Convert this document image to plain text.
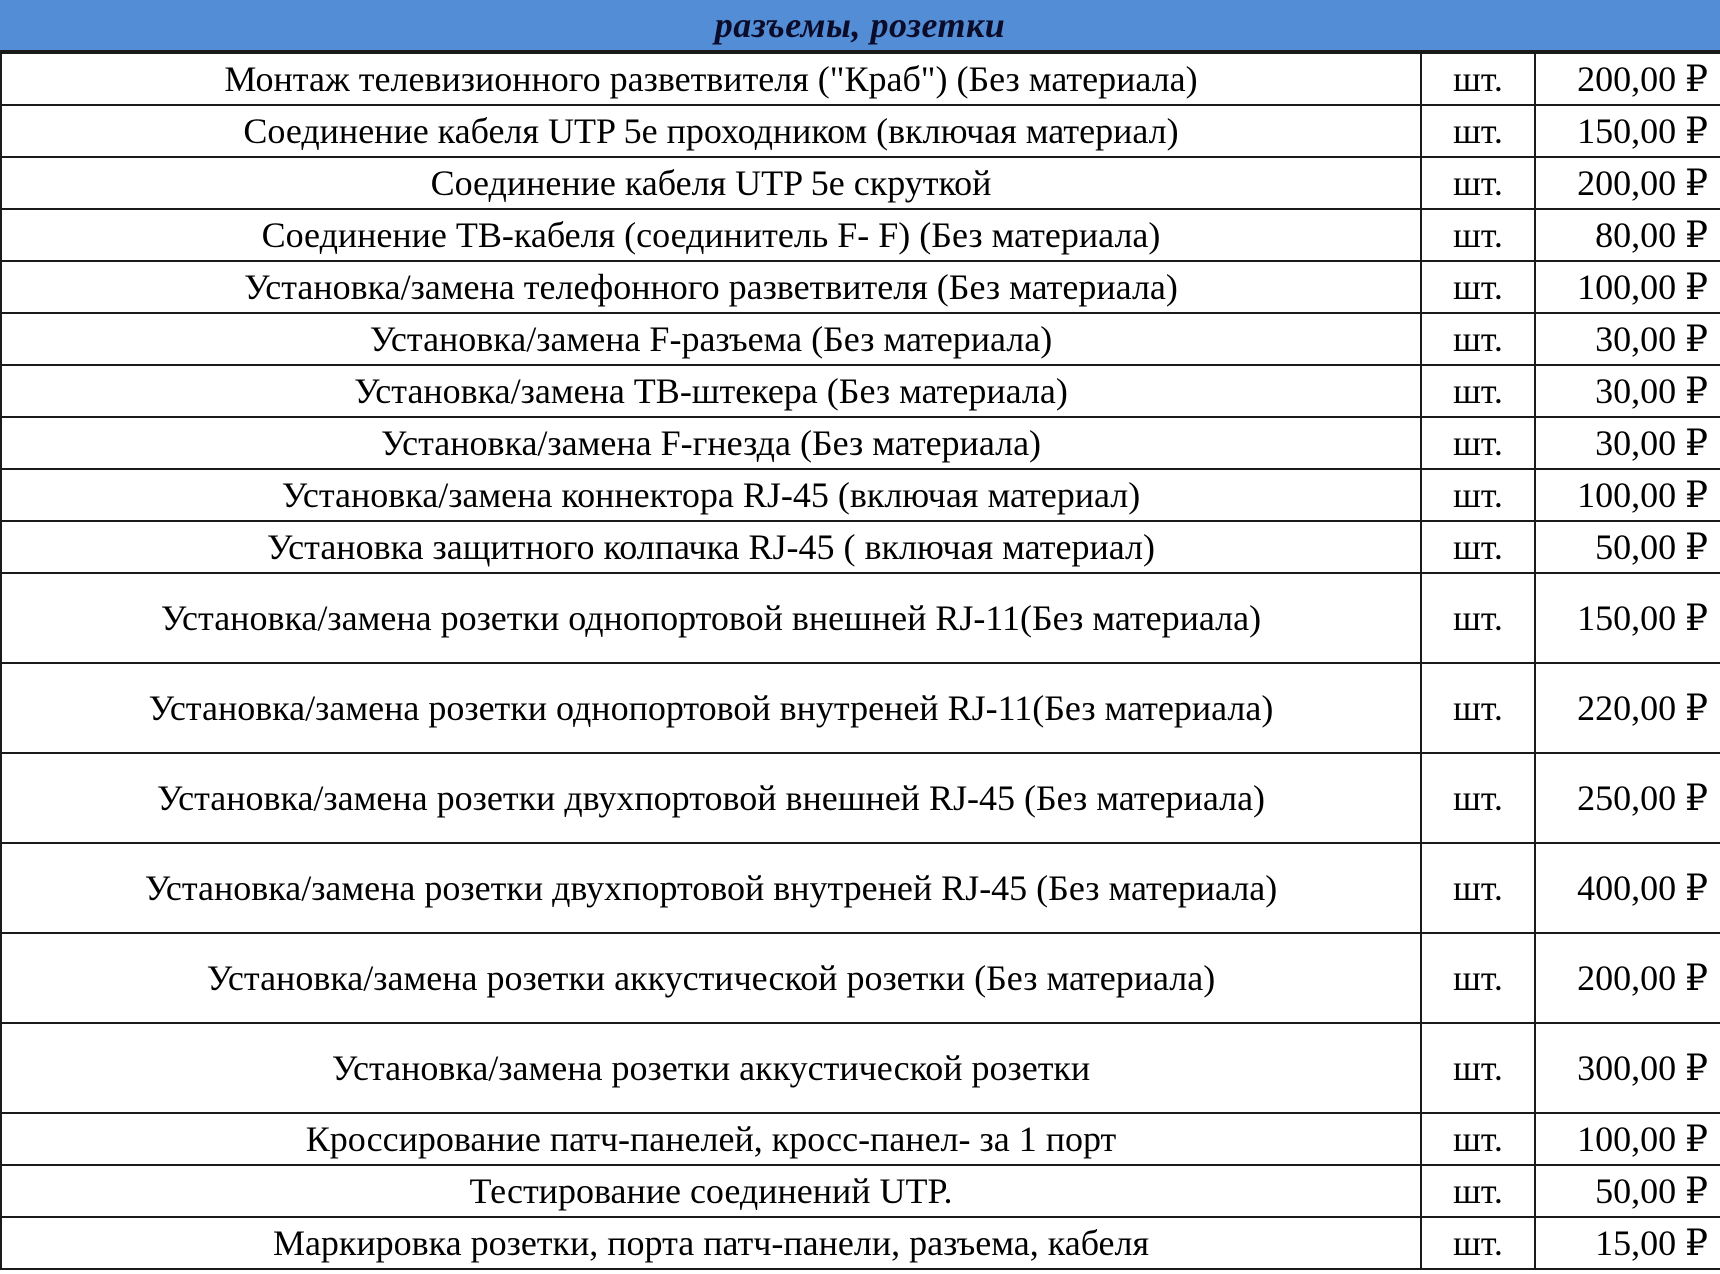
разъемы, розетки
Монтаж телевизионного разветвителя ("Краб") (Без материала)	шт.	200,00 ₽
Соединение кабеля UTP 5е проходником (включая материал)	шт.	150,00 ₽
Соединение кабеля UTP 5е скруткой	шт.	200,00 ₽
Соединение ТВ-кабеля (соединитель F- F) (Без материала)	шт.	80,00 ₽
Установка/замена телефонного разветвителя (Без материала)	шт.	100,00 ₽
Установка/замена F-разъема (Без материала)	шт.	30,00 ₽
Установка/замена ТВ-штекера (Без материала)	шт.	30,00 ₽
Установка/замена F-гнезда (Без материала)	шт.	30,00 ₽
Установка/замена коннектора RJ-45 (включая материал)	шт.	100,00 ₽
Установка защитного колпачка RJ-45 ( включая материал)	шт.	50,00 ₽
Установка/замена розетки однопортовой внешней RJ-11(Без материала)	шт.	150,00 ₽
Установка/замена розетки однопортовой внутреней RJ-11(Без материала)	шт.	220,00 ₽
Установка/замена розетки двухпортовой внешней RJ-45 (Без материала)	шт.	250,00 ₽
Установка/замена розетки двухпортовой внутреней RJ-45 (Без материала)	шт.	400,00 ₽
Установка/замена розетки аккустической розетки (Без материала)	шт.	200,00 ₽
Установка/замена розетки аккустической розетки	шт.	300,00 ₽
Кроссирование патч-панелей, кросс-панел- за 1 порт	шт.	100,00 ₽
Тестирование соединений UTP.	шт.	50,00 ₽
Маркировка розетки, порта патч-панели, разъема, кабеля	шт.	15,00 ₽
